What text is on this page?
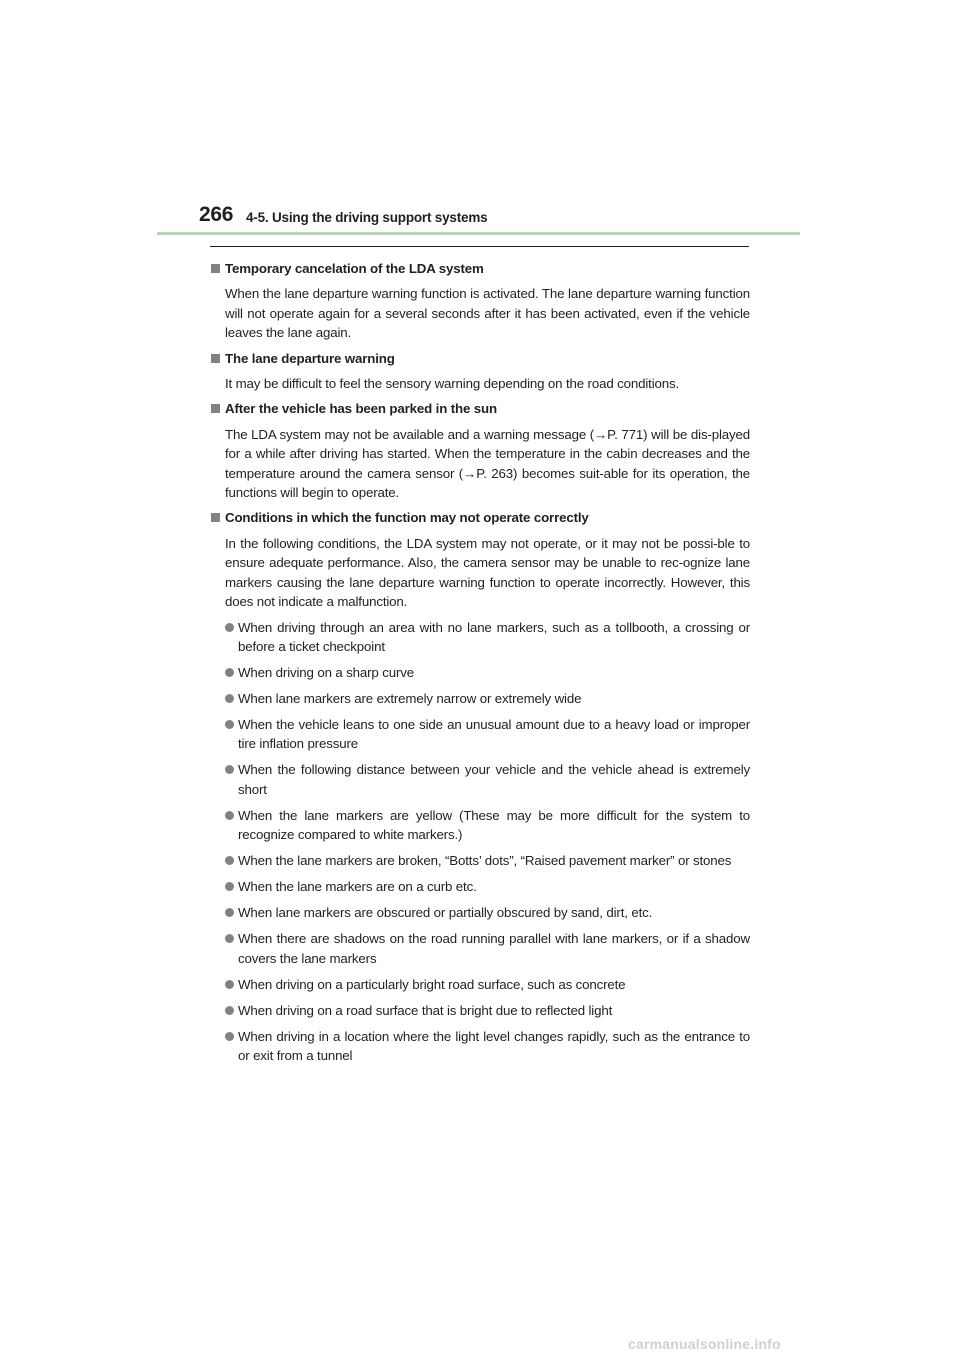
266 4-5. Using the driving support systems
Temporary cancelation of the LDA system
When the lane departure warning function is activated. The lane departure warning function will not operate again for a several seconds after it has been activated, even if the vehicle leaves the lane again.
The lane departure warning
It may be difficult to feel the sensory warning depending on the road conditions.
After the vehicle has been parked in the sun
The LDA system may not be available and a warning message (→P. 771) will be dis-played for a while after driving has started. When the temperature in the cabin decreases and the temperature around the camera sensor (→P. 263) becomes suit-able for its operation, the functions will begin to operate.
Conditions in which the function may not operate correctly
In the following conditions, the LDA system may not operate, or it may not be possi-ble to ensure adequate performance. Also, the camera sensor may be unable to rec-ognize lane markers causing the lane departure warning function to operate incorrectly. However, this does not indicate a malfunction.
When driving through an area with no lane markers, such as a tollbooth, a crossing or before a ticket checkpoint
When driving on a sharp curve
When lane markers are extremely narrow or extremely wide
When the vehicle leans to one side an unusual amount due to a heavy load or improper tire inflation pressure
When the following distance between your vehicle and the vehicle ahead is extremely short
When the lane markers are yellow (These may be more difficult for the system to recognize compared to white markers.)
When the lane markers are broken, “Botts’ dots”, “Raised pavement marker” or stones
When the lane markers are on a curb etc.
When lane markers are obscured or partially obscured by sand, dirt, etc.
When there are shadows on the road running parallel with lane markers, or if a shadow covers the lane markers
When driving on a particularly bright road surface, such as concrete
When driving on a road surface that is bright due to reflected light
When driving in a location where the light level changes rapidly, such as the entrance to or exit from a tunnel
carmanualsonline.info
